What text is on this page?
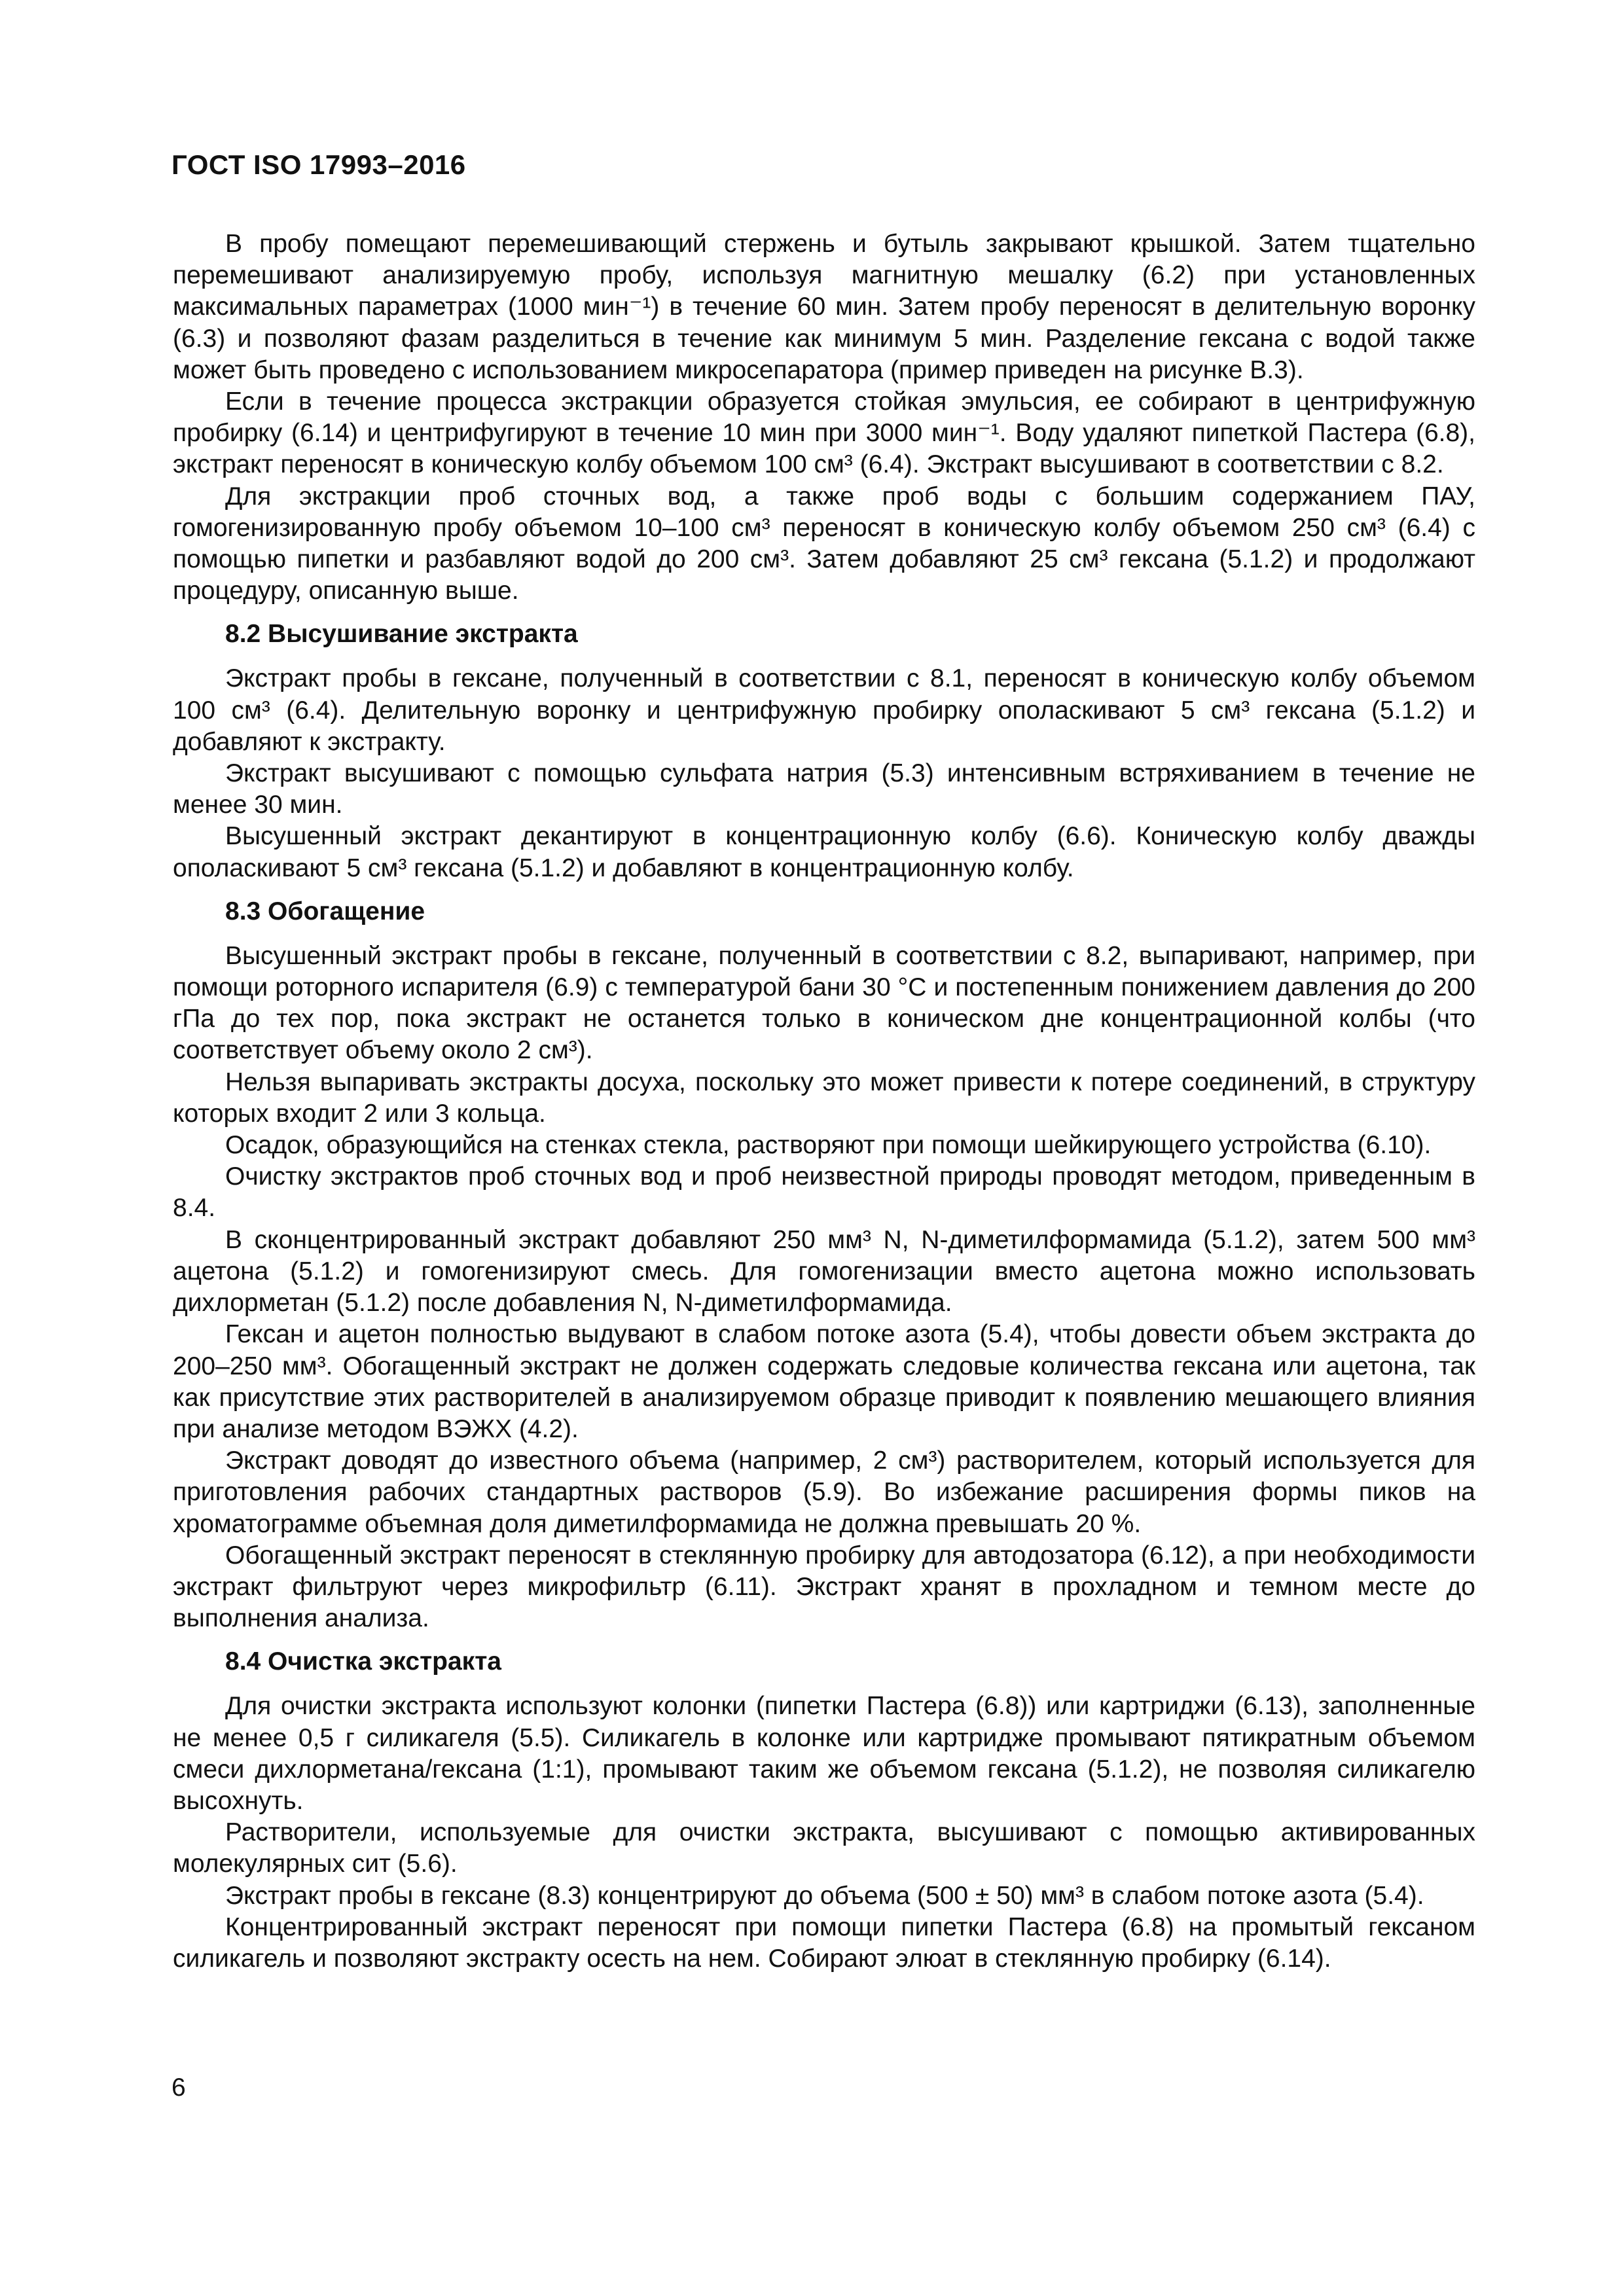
ГОСТ ISO 17993–2016

В пробу помещают перемешивающий стержень и бутыль закрывают крышкой. Затем тщательно перемешивают анализируемую пробу, используя магнитную мешалку (6.2) при установленных максимальных параметрах (1000 мин⁻¹) в течение 60 мин. Затем пробу переносят в делительную воронку (6.3) и позволяют фазам разделиться в течение как минимум 5 мин. Разделение гексана с водой также может быть проведено с использованием микросепаратора (пример приведен на рисунке В.3).

Если в течение процесса экстракции образуется стойкая эмульсия, ее собирают в центрифужную пробирку (6.14) и центрифугируют в течение 10 мин при 3000 мин⁻¹. Воду удаляют пипеткой Пастера (6.8), экстракт переносят в коническую колбу объемом 100 см³ (6.4). Экстракт высушивают в соответствии с 8.2.

Для экстракции проб сточных вод, а также проб воды с большим содержанием ПАУ, гомогенизированную пробу объемом 10–100 см³ переносят в коническую колбу объемом 250 см³ (6.4) с помощью пипетки и разбавляют водой до 200 см³. Затем добавляют 25 см³ гексана (5.1.2) и продолжают процедуру, описанную выше.

8.2 Высушивание экстракта

Экстракт пробы в гексане, полученный в соответствии с 8.1, переносят в коническую колбу объемом 100 см³ (6.4). Делительную воронку и центрифужную пробирку ополаскивают 5 см³ гексана (5.1.2) и добавляют к экстракту.

Экстракт высушивают с помощью сульфата натрия (5.3) интенсивным встряхиванием в течение не менее 30 мин.

Высушенный экстракт декантируют в концентрационную колбу (6.6). Коническую колбу дважды ополаскивают 5 см³ гексана (5.1.2) и добавляют в концентрационную колбу.

8.3 Обогащение

Высушенный экстракт пробы в гексане, полученный в соответствии с 8.2, выпаривают, например, при помощи роторного испарителя (6.9) с температурой бани 30 °C и постепенным понижением давления до 200 гПа до тех пор, пока экстракт не останется только в коническом дне концентрационной колбы (что соответствует объему около 2 см³).

Нельзя выпаривать экстракты досуха, поскольку это может привести к потере соединений, в структуру которых входит 2 или 3 кольца.

Осадок, образующийся на стенках стекла, растворяют при помощи шейкирующего устройства (6.10).

Очистку экстрактов проб сточных вод и проб неизвестной природы проводят методом, приведенным в 8.4.

В сконцентрированный экстракт добавляют 250 мм³ N, N-диметилформамида (5.1.2), затем 500 мм³ ацетона (5.1.2) и гомогенизируют смесь. Для гомогенизации вместо ацетона можно использовать дихлорметан (5.1.2) после добавления N, N-диметилформамида.

Гексан и ацетон полностью выдувают в слабом потоке азота (5.4), чтобы довести объем экстракта до 200–250 мм³. Обогащенный экстракт не должен содержать следовые количества гексана или ацетона, так как присутствие этих растворителей в анализируемом образце приводит к появлению мешающего влияния при анализе методом ВЭЖХ (4.2).

Экстракт доводят до известного объема (например, 2 см³) растворителем, который используется для приготовления рабочих стандартных растворов (5.9). Во избежание расширения формы пиков на хроматограмме объемная доля диметилформамида не должна превышать 20 %.

Обогащенный экстракт переносят в стеклянную пробирку для автодозатора (6.12), а при необходимости экстракт фильтруют через микрофильтр (6.11). Экстракт хранят в прохладном и темном месте до выполнения анализа.

8.4 Очистка экстракта

Для очистки экстракта используют колонки (пипетки Пастера (6.8)) или картриджи (6.13), заполненные не менее 0,5 г силикагеля (5.5). Силикагель в колонке или картридже промывают пятикратным объемом смеси дихлорметана/гексана (1:1), промывают таким же объемом гексана (5.1.2), не позволяя силикагелю высохнуть.

Растворители, используемые для очистки экстракта, высушивают с помощью активированных молекулярных сит (5.6).

Экстракт пробы в гексане (8.3) концентрируют до объема (500 ± 50) мм³ в слабом потоке азота (5.4).

Концентрированный экстракт переносят при помощи пипетки Пастера (6.8) на промытый гексаном силикагель и позволяют экстракту осесть на нем. Собирают элюат в стеклянную пробирку (6.14).

6
